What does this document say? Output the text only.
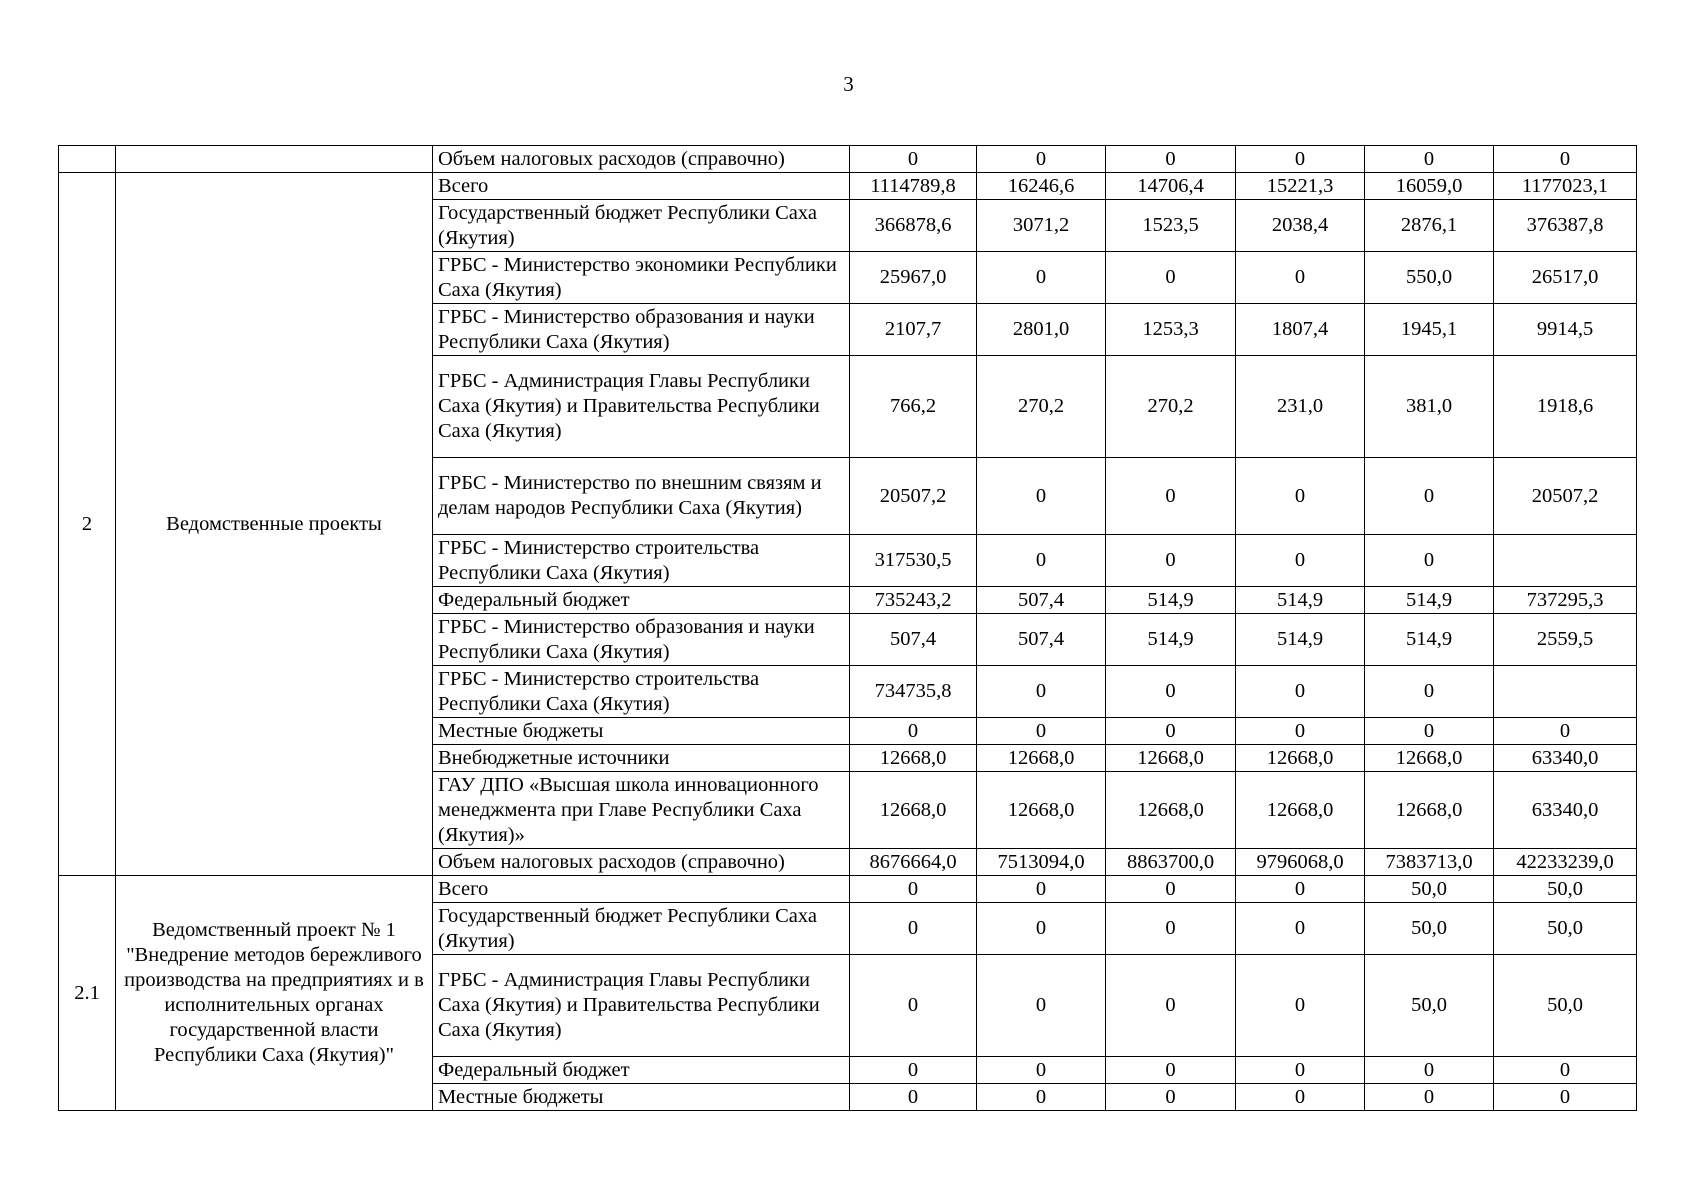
3
		Объем налоговых расходов (справочно)	0	0	0	0	0	0
2	Ведомственные проекты	Всего	1114789,8	16246,6	14706,4	15221,3	16059,0	1177023,1
		Государственный бюджет Республики Саха (Якутия)	366878,6	3071,2	1523,5	2038,4	2876,1	376387,8
		ГРБС - Министерство экономики Республики Саха (Якутия)	25967,0	0	0	0	550,0	26517,0
		ГРБС - Министерство образования и науки Республики Саха (Якутия)	2107,7	2801,0	1253,3	1807,4	1945,1	9914,5
		ГРБС - Администрация Главы Республики Саха (Якутия) и Правительства Республики Саха (Якутия)	766,2	270,2	270,2	231,0	381,0	1918,6
		ГРБС - Министерство по внешним связям и делам народов Республики Саха (Якутия)	20507,2	0	0	0	0	20507,2
		ГРБС - Министерство строительства Республики Саха (Якутия)	317530,5	0	0	0	0	
		Федеральный бюджет	735243,2	507,4	514,9	514,9	514,9	737295,3
		ГРБС - Министерство образования и науки Республики Саха (Якутия)	507,4	507,4	514,9	514,9	514,9	2559,5
		ГРБС - Министерство строительства Республики Саха (Якутия)	734735,8	0	0	0	0	
		Местные бюджеты	0	0	0	0	0	0
		Внебюджетные источники	12668,0	12668,0	12668,0	12668,0	12668,0	63340,0
		ГАУ ДПО «Высшая школа инновационного менеджмента при Главе Республики Саха (Якутия)»	12668,0	12668,0	12668,0	12668,0	12668,0	63340,0
		Объем налоговых расходов (справочно)	8676664,0	7513094,0	8863700,0	9796068,0	7383713,0	42233239,0
2.1	Ведомственный проект № 1 "Внедрение методов бережливого производства на предприятиях и в исполнительных органах государственной власти Республики Саха (Якутия)"	Всего	0	0	0	0	50,0	50,0
		Государственный бюджет Республики Саха (Якутия)	0	0	0	0	50,0	50,0
		ГРБС - Администрация Главы Республики Саха (Якутия) и Правительства Республики Саха (Якутия)	0	0	0	0	50,0	50,0
		Федеральный бюджет	0	0	0	0	0	0
		Местные бюджеты	0	0	0	0	0	0
